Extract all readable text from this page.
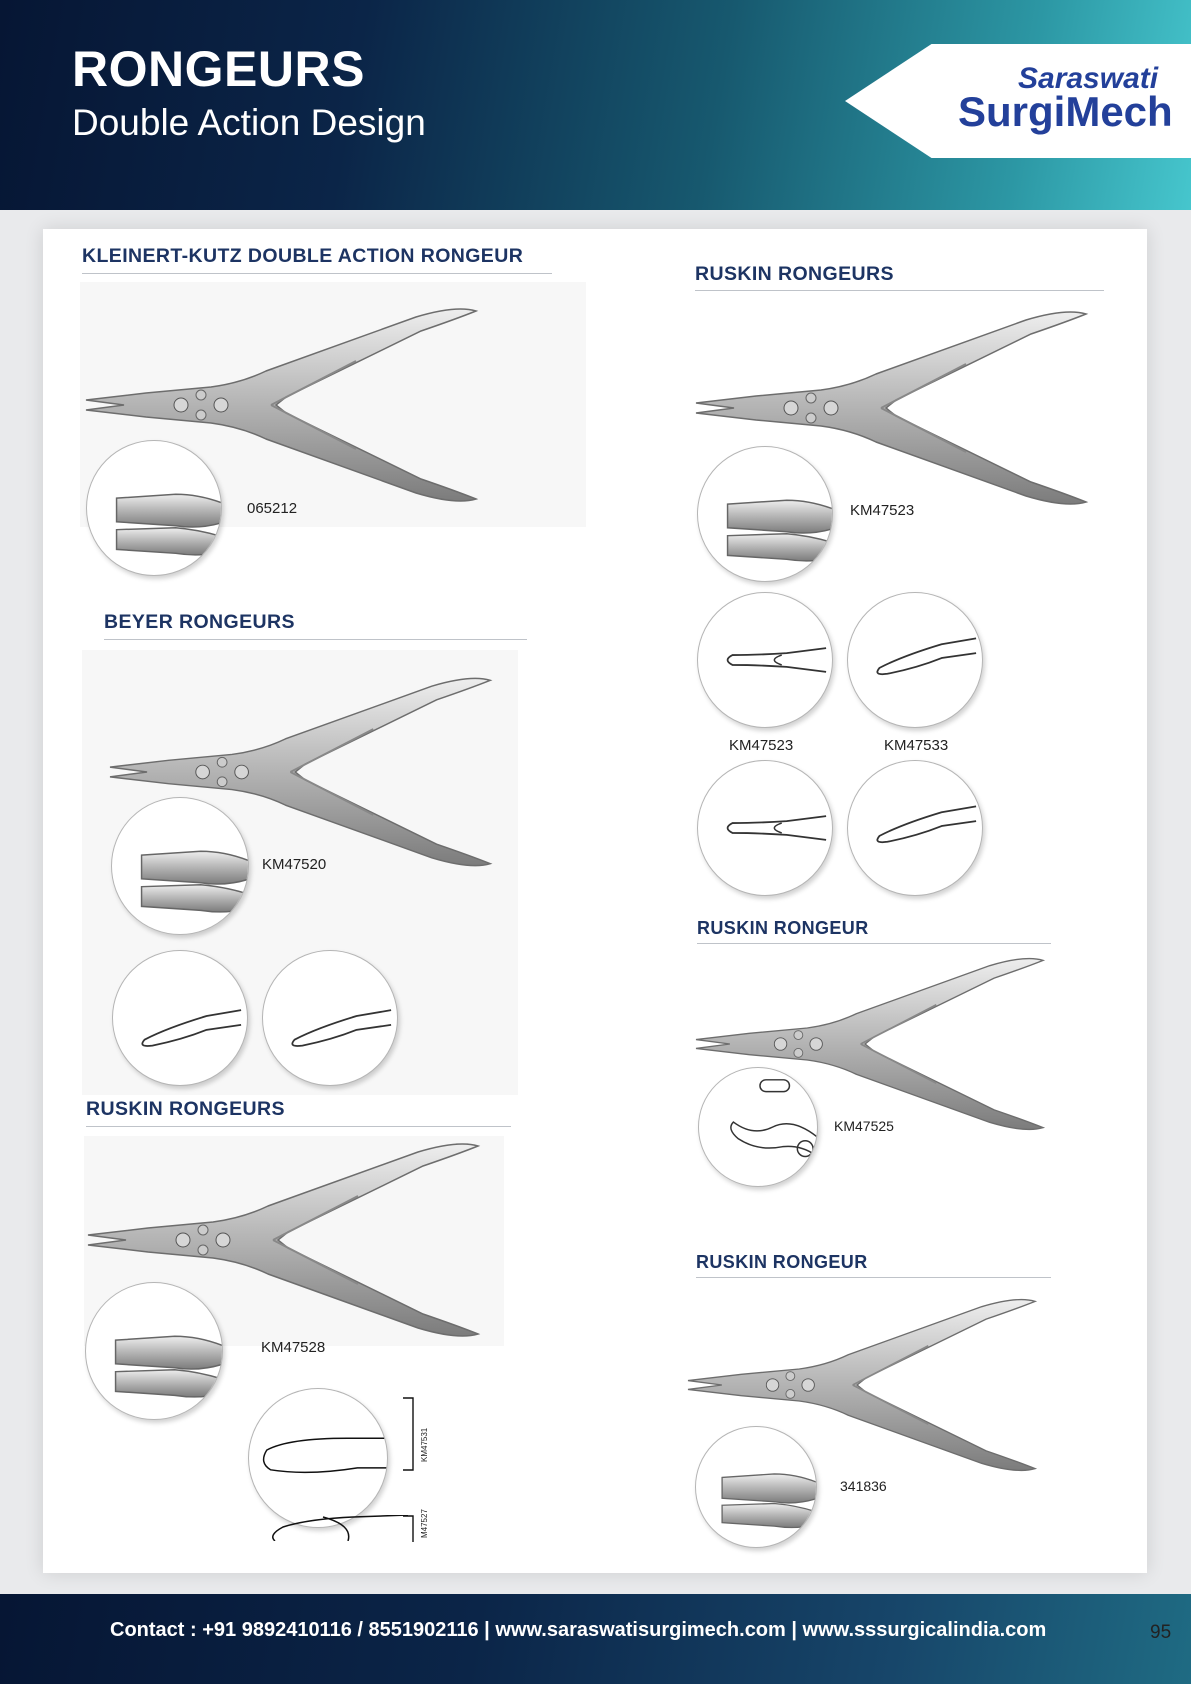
RONGEURS
Double Action Design
Saraswati
SurgiMech
KLEINERT-KUTZ DOUBLE ACTION RONGEUR
065212
BEYER RONGEURS
KM47520
RUSKIN RONGEURS
KM47528
KM47531
M47527
RUSKIN RONGEURS
KM47523
KM47523	KM47533
RUSKIN RONGEUR
KM47525
RUSKIN RONGEUR
341836
Contact : +91 9892410116 / 8551902116 | www.saraswatisurgimech.com | www.sssurgicalindia.com	95
